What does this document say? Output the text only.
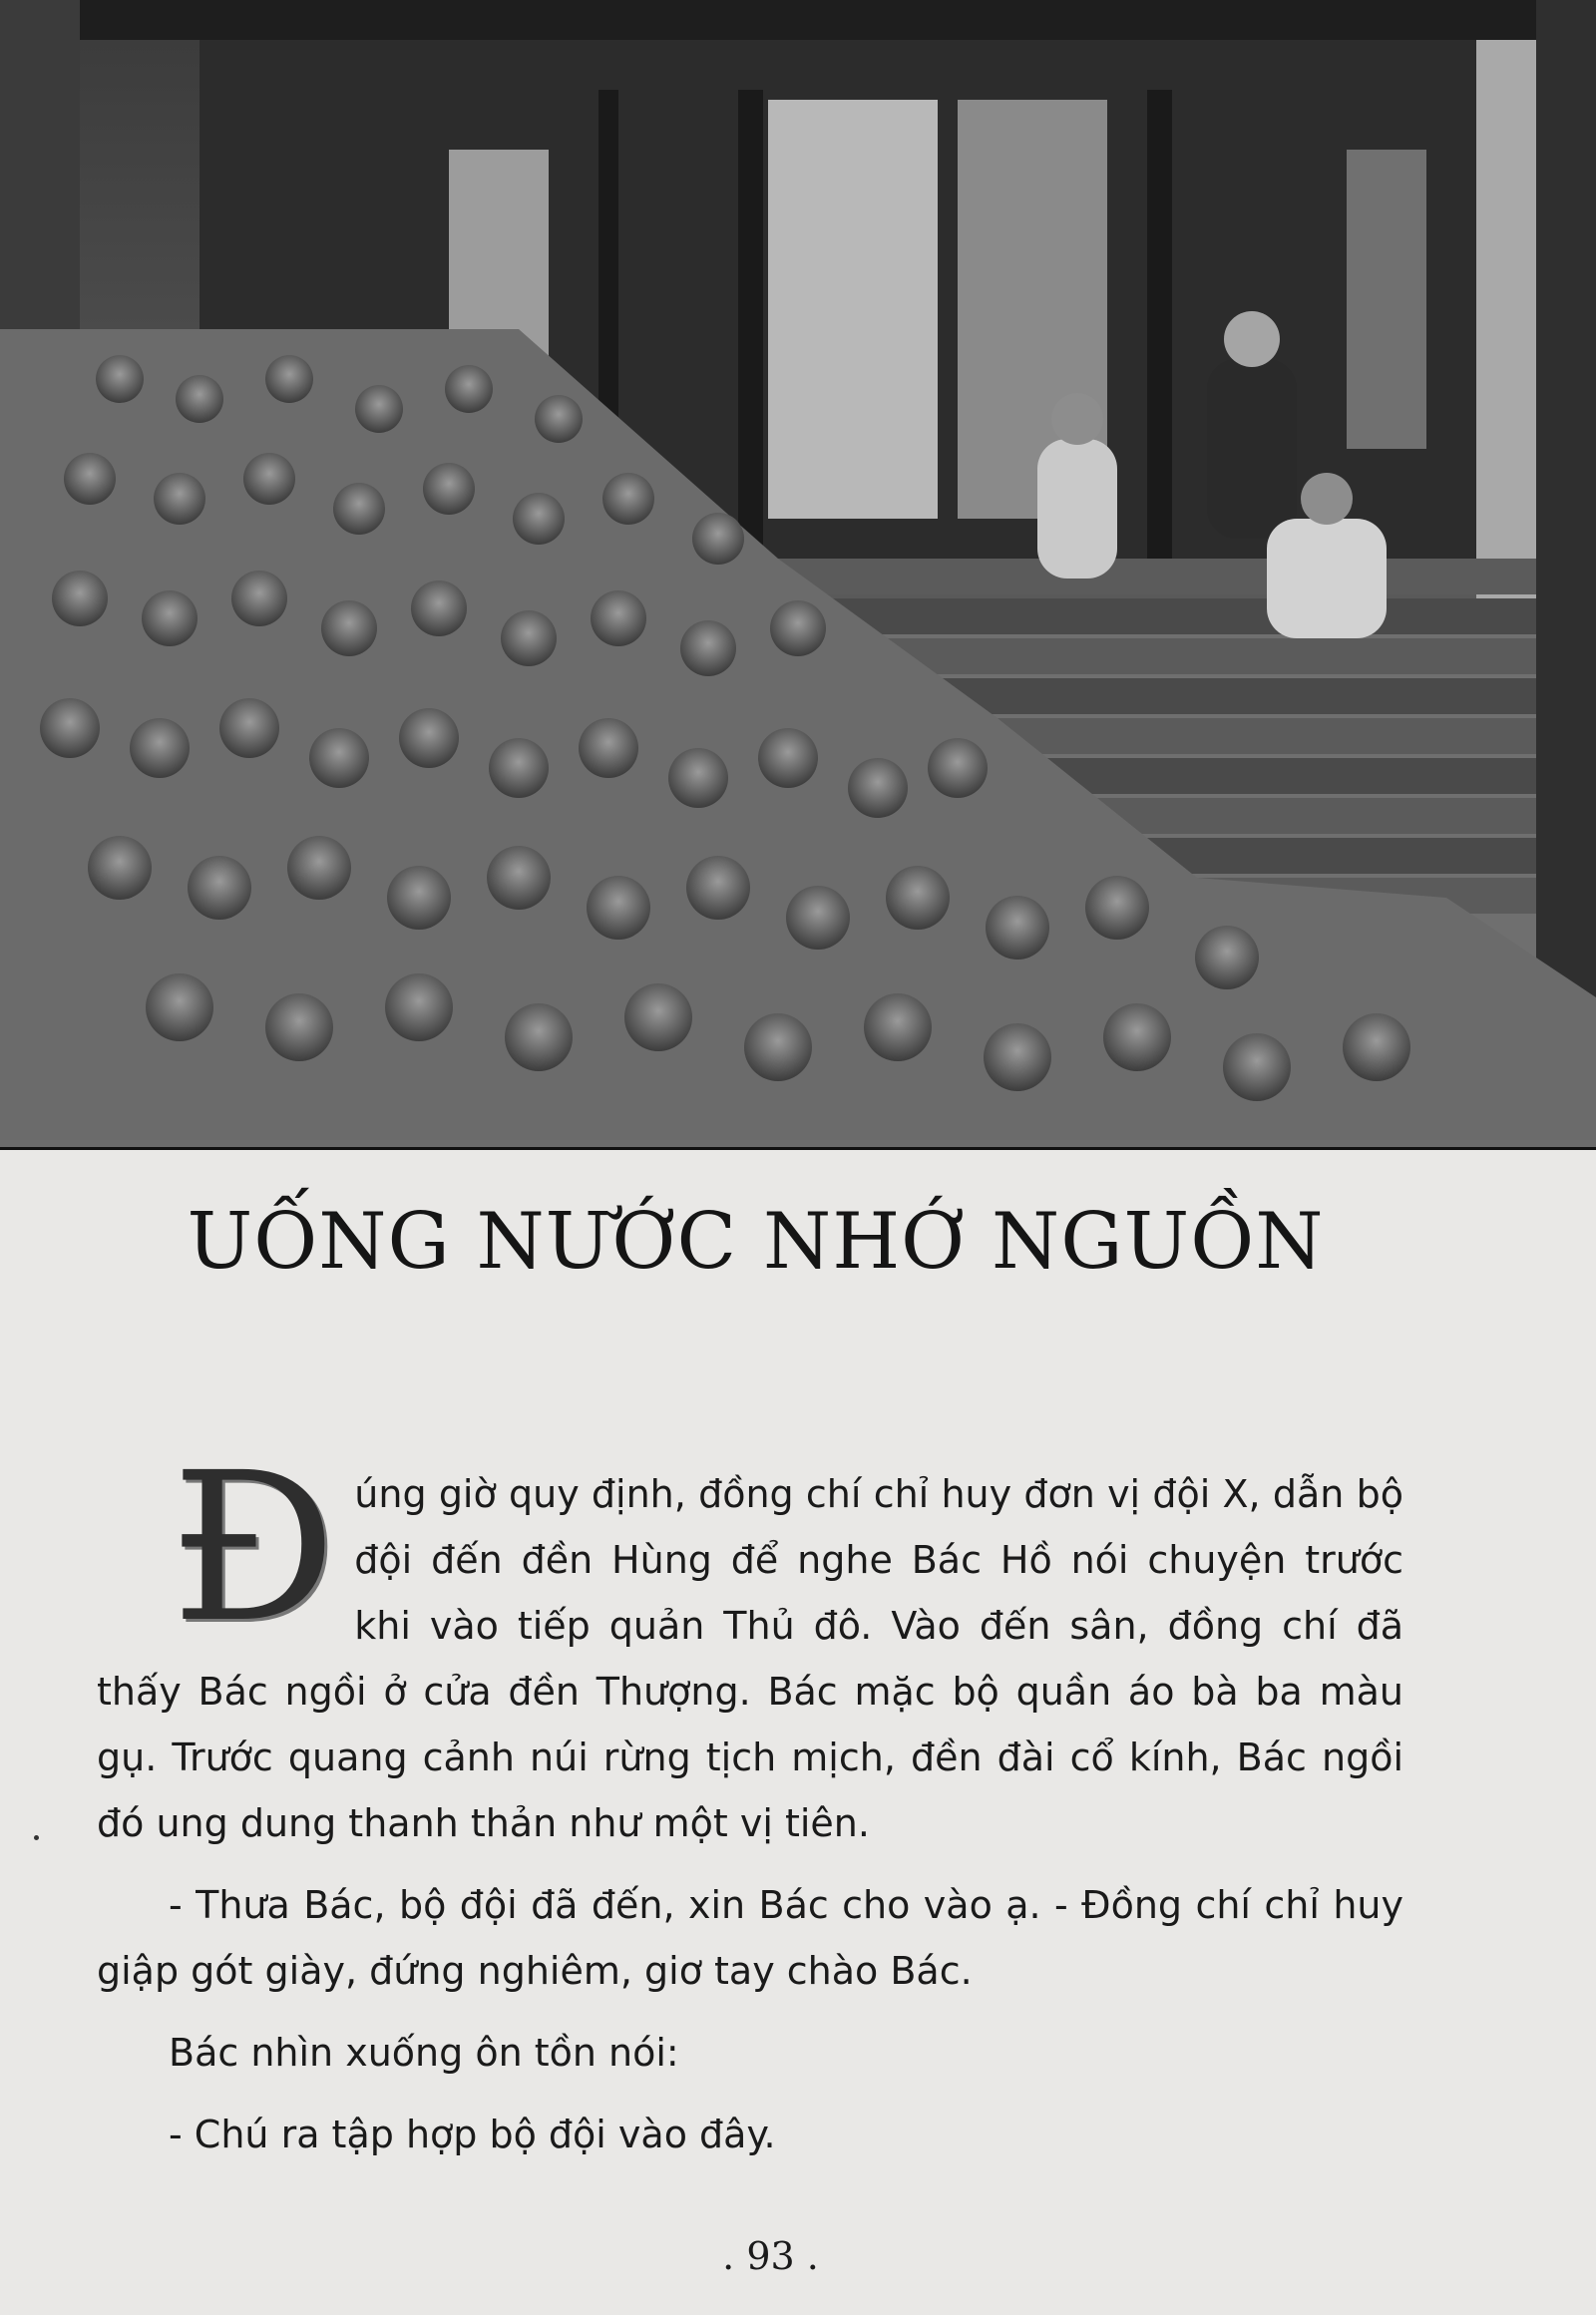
UỐNG NƯỚC NHỚ NGUỒN

Đúng giờ quy định, đồng chí chỉ huy đơn vị đội X, dẫn bộ đội đến đền Hùng để nghe Bác Hồ nói chuyện trước khi vào tiếp quản Thủ đô. Vào đến sân, đồng chí đã thấy Bác ngồi ở cửa đền Thượng. Bác mặc bộ quần áo bà ba màu gụ. Trước quang cảnh núi rừng tịch mịch, đền đài cổ kính, Bác ngồi đó ung dung thanh thản như một vị tiên.

- Thưa Bác, bộ đội đã đến, xin Bác cho vào ạ. - Đồng chí chỉ huy giập gót giày, đứng nghiêm, giơ tay chào Bác.

Bác nhìn xuống ôn tồn nói:

- Chú ra tập hợp bộ đội vào đây.

. 93 .
